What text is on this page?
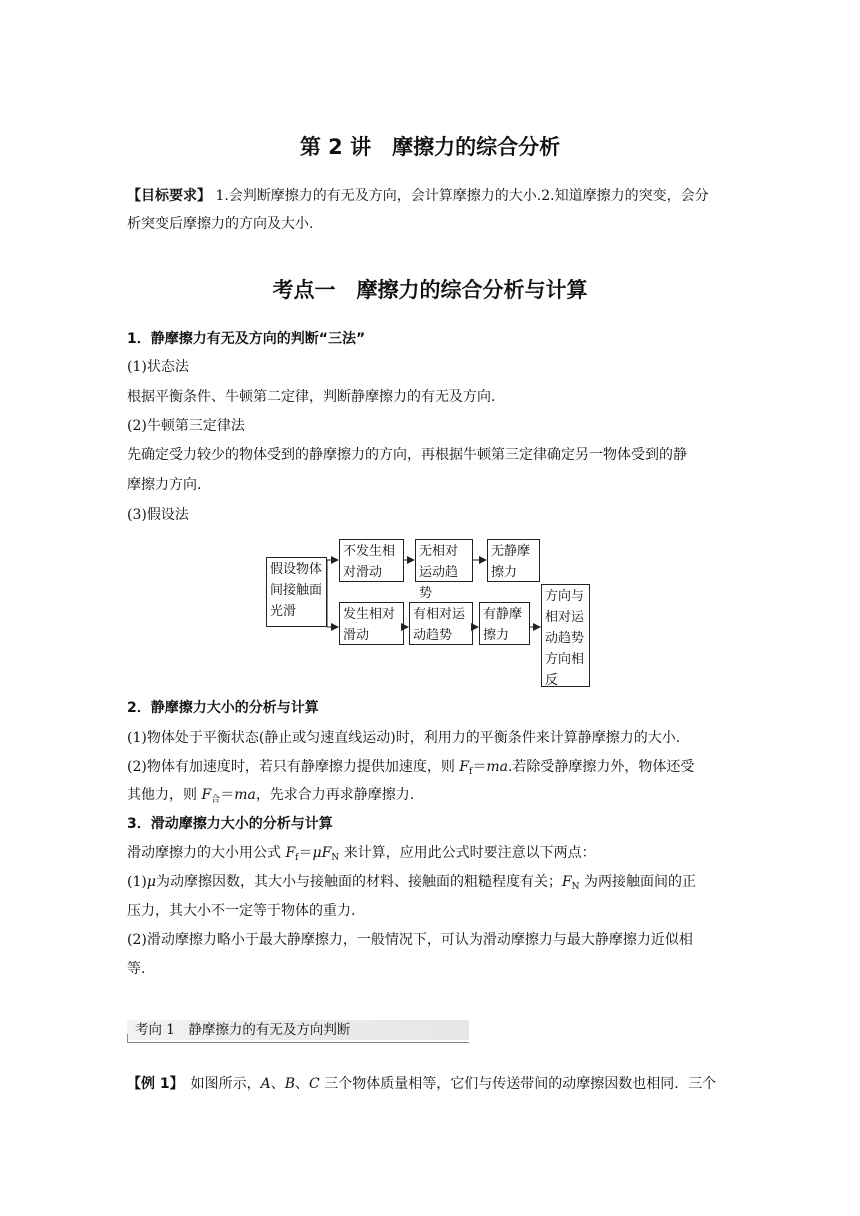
第 2 讲　摩擦力的综合分析
【目标要求】 1.会判断摩擦力的有无及方向，会计算摩擦力的大小.2.知道摩擦力的突变，会分
析突变后摩擦力的方向及大小.
考点一　摩擦力的综合分析与计算
1．静摩擦力有无及方向的判断“三法”
(1)状态法
根据平衡条件、牛顿第二定律，判断静摩擦力的有无及方向.
(2)牛顿第三定律法
先确定受力较少的物体受到的静摩擦力的方向，再根据牛顿第三定律确定另一物体受到的静
摩擦力方向.
(3)假设法
假设物体间接触面光滑
不发生相对滑动
无相对运动趋势
无静摩擦力
发生相对滑动
有相对运动趋势
有静摩擦力
方向与相对运动趋势方向相反
2．静摩擦力大小的分析与计算
(1)物体处于平衡状态(静止或匀速直线运动)时，利用力的平衡条件来计算静摩擦力的大小.
(2)物体有加速度时，若只有静摩擦力提供加速度，则 $F_f=ma$.若除受静摩擦力外，物体还受
其他力，则 $F_合=ma$，先求合力再求静摩擦力.
3．滑动摩擦力大小的分析与计算
滑动摩擦力的大小用公式 $F_f=\mu F_N$ 来计算，应用此公式时要注意以下两点：
(1)μ为动摩擦因数，其大小与接触面的材料、接触面的粗糙程度有关；$F_N$ 为两接触面间的正
压力，其大小不一定等于物体的重力.
(2)滑动摩擦力略小于最大静摩擦力，一般情况下，可认为滑动摩擦力与最大静摩擦力近似相
等.
考向 1　静摩擦力的有无及方向判断
【例 1】　如图所示，A、B、C 三个物体质量相等，它们与传送带间的动摩擦因数也相同．三个
